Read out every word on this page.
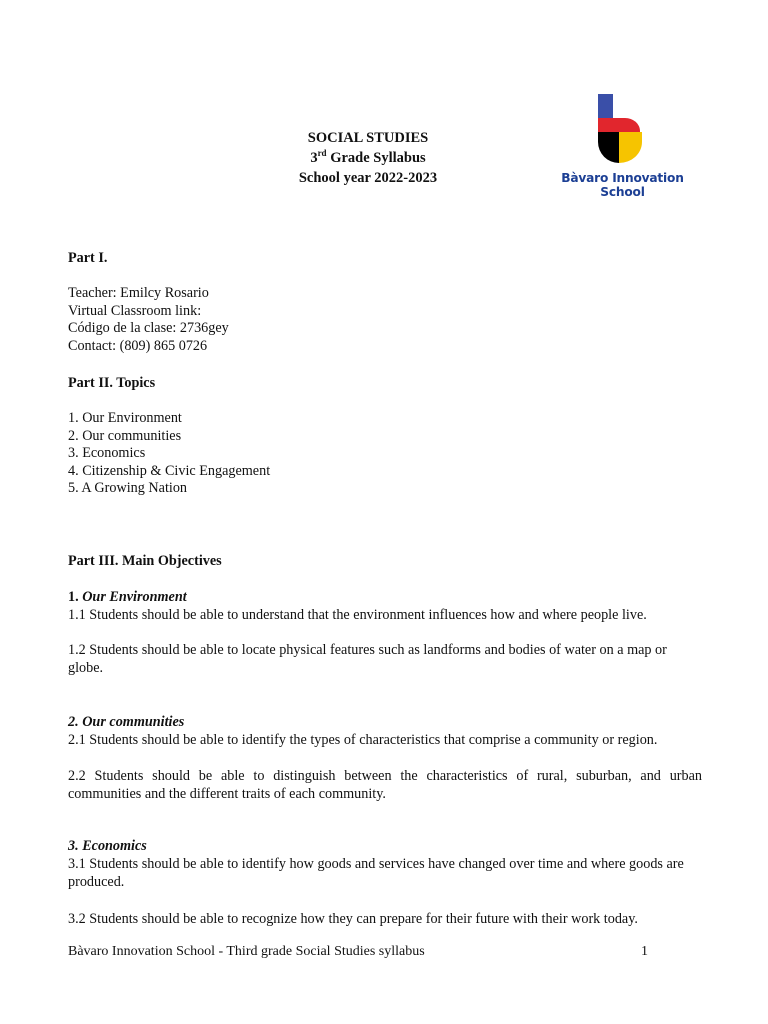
SOCIAL STUDIES
3rd Grade Syllabus
School year 2022-2023	Bàvaro Innovation
School
Part I.

Teacher: Emilcy Rosario

Virtual Classroom link:

Código de la clase: 2736gey

Contact: (809) 865 0726

Part II. Topics

1. Our Environment

2. Our communities

3. Economics

4. Citizenship & Civic Engagement

5. A Growing Nation

Part III. Main Objectives
1. Our Environment

1.1 Students should be able to understand that the environment influences how and where people live.

1.2 Students should be able to locate physical features such as landforms and bodies of water on a map or globe.

2. Our communities

2.1 Students should be able to identify the types of characteristics that comprise a community or region.

2.2 Students should be able to distinguish between the characteristics of rural, suburban, and urban communities and the different traits of each community.

3. Economics

3.1 Students should be able to identify how goods and services have changed over time and where goods are produced.

3.2 Students should be able to recognize how they can prepare for their future with their work today.

Bàvaro Innovation School - Third grade Social Studies syllabus	1
